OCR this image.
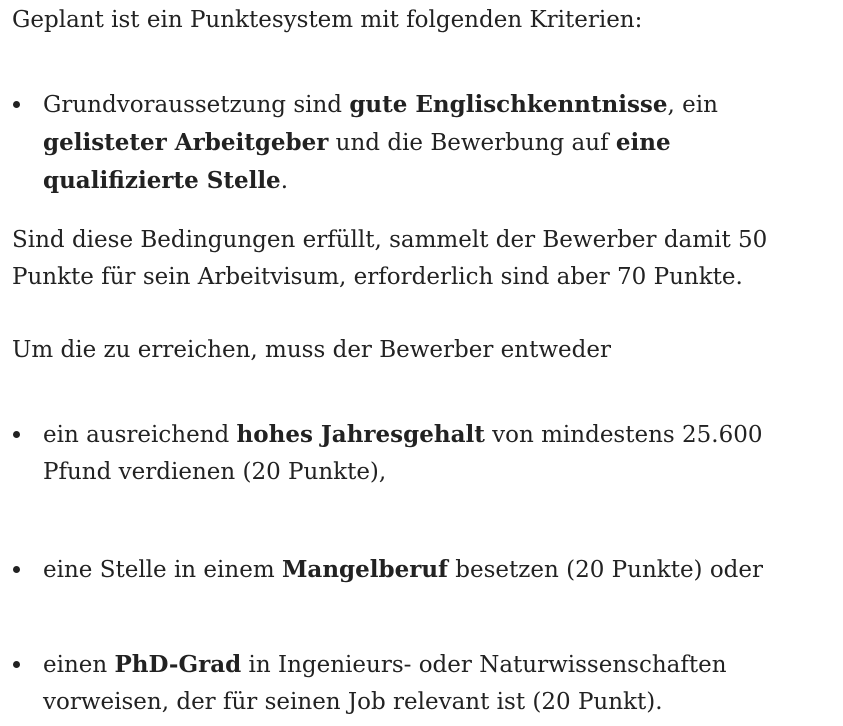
Geplant ist ein Punktesystem mit folgenden Kriterien:

Grundvoraussetzung sind gute Englischkenntnisse, ein gelisteter Arbeitgeber und die Bewerbung auf eine qualifizierte Stelle.

Sind diese Bedingungen erfüllt, sammelt der Bewerber damit 50 Punkte für sein Arbeitvisum, erforderlich sind aber 70 Punkte.

Um die zu erreichen, muss der Bewerber entweder

ein ausreichend hohes Jahresgehalt von mindestens 25.600 Pfund verdienen (20 Punkte),
eine Stelle in einem Mangelberuf besetzen (20 Punkte) oder
einen PhD-Grad in Ingenieurs- oder Naturwissenschaften vorweisen, der für seinen Job relevant ist (20 Punkt).
